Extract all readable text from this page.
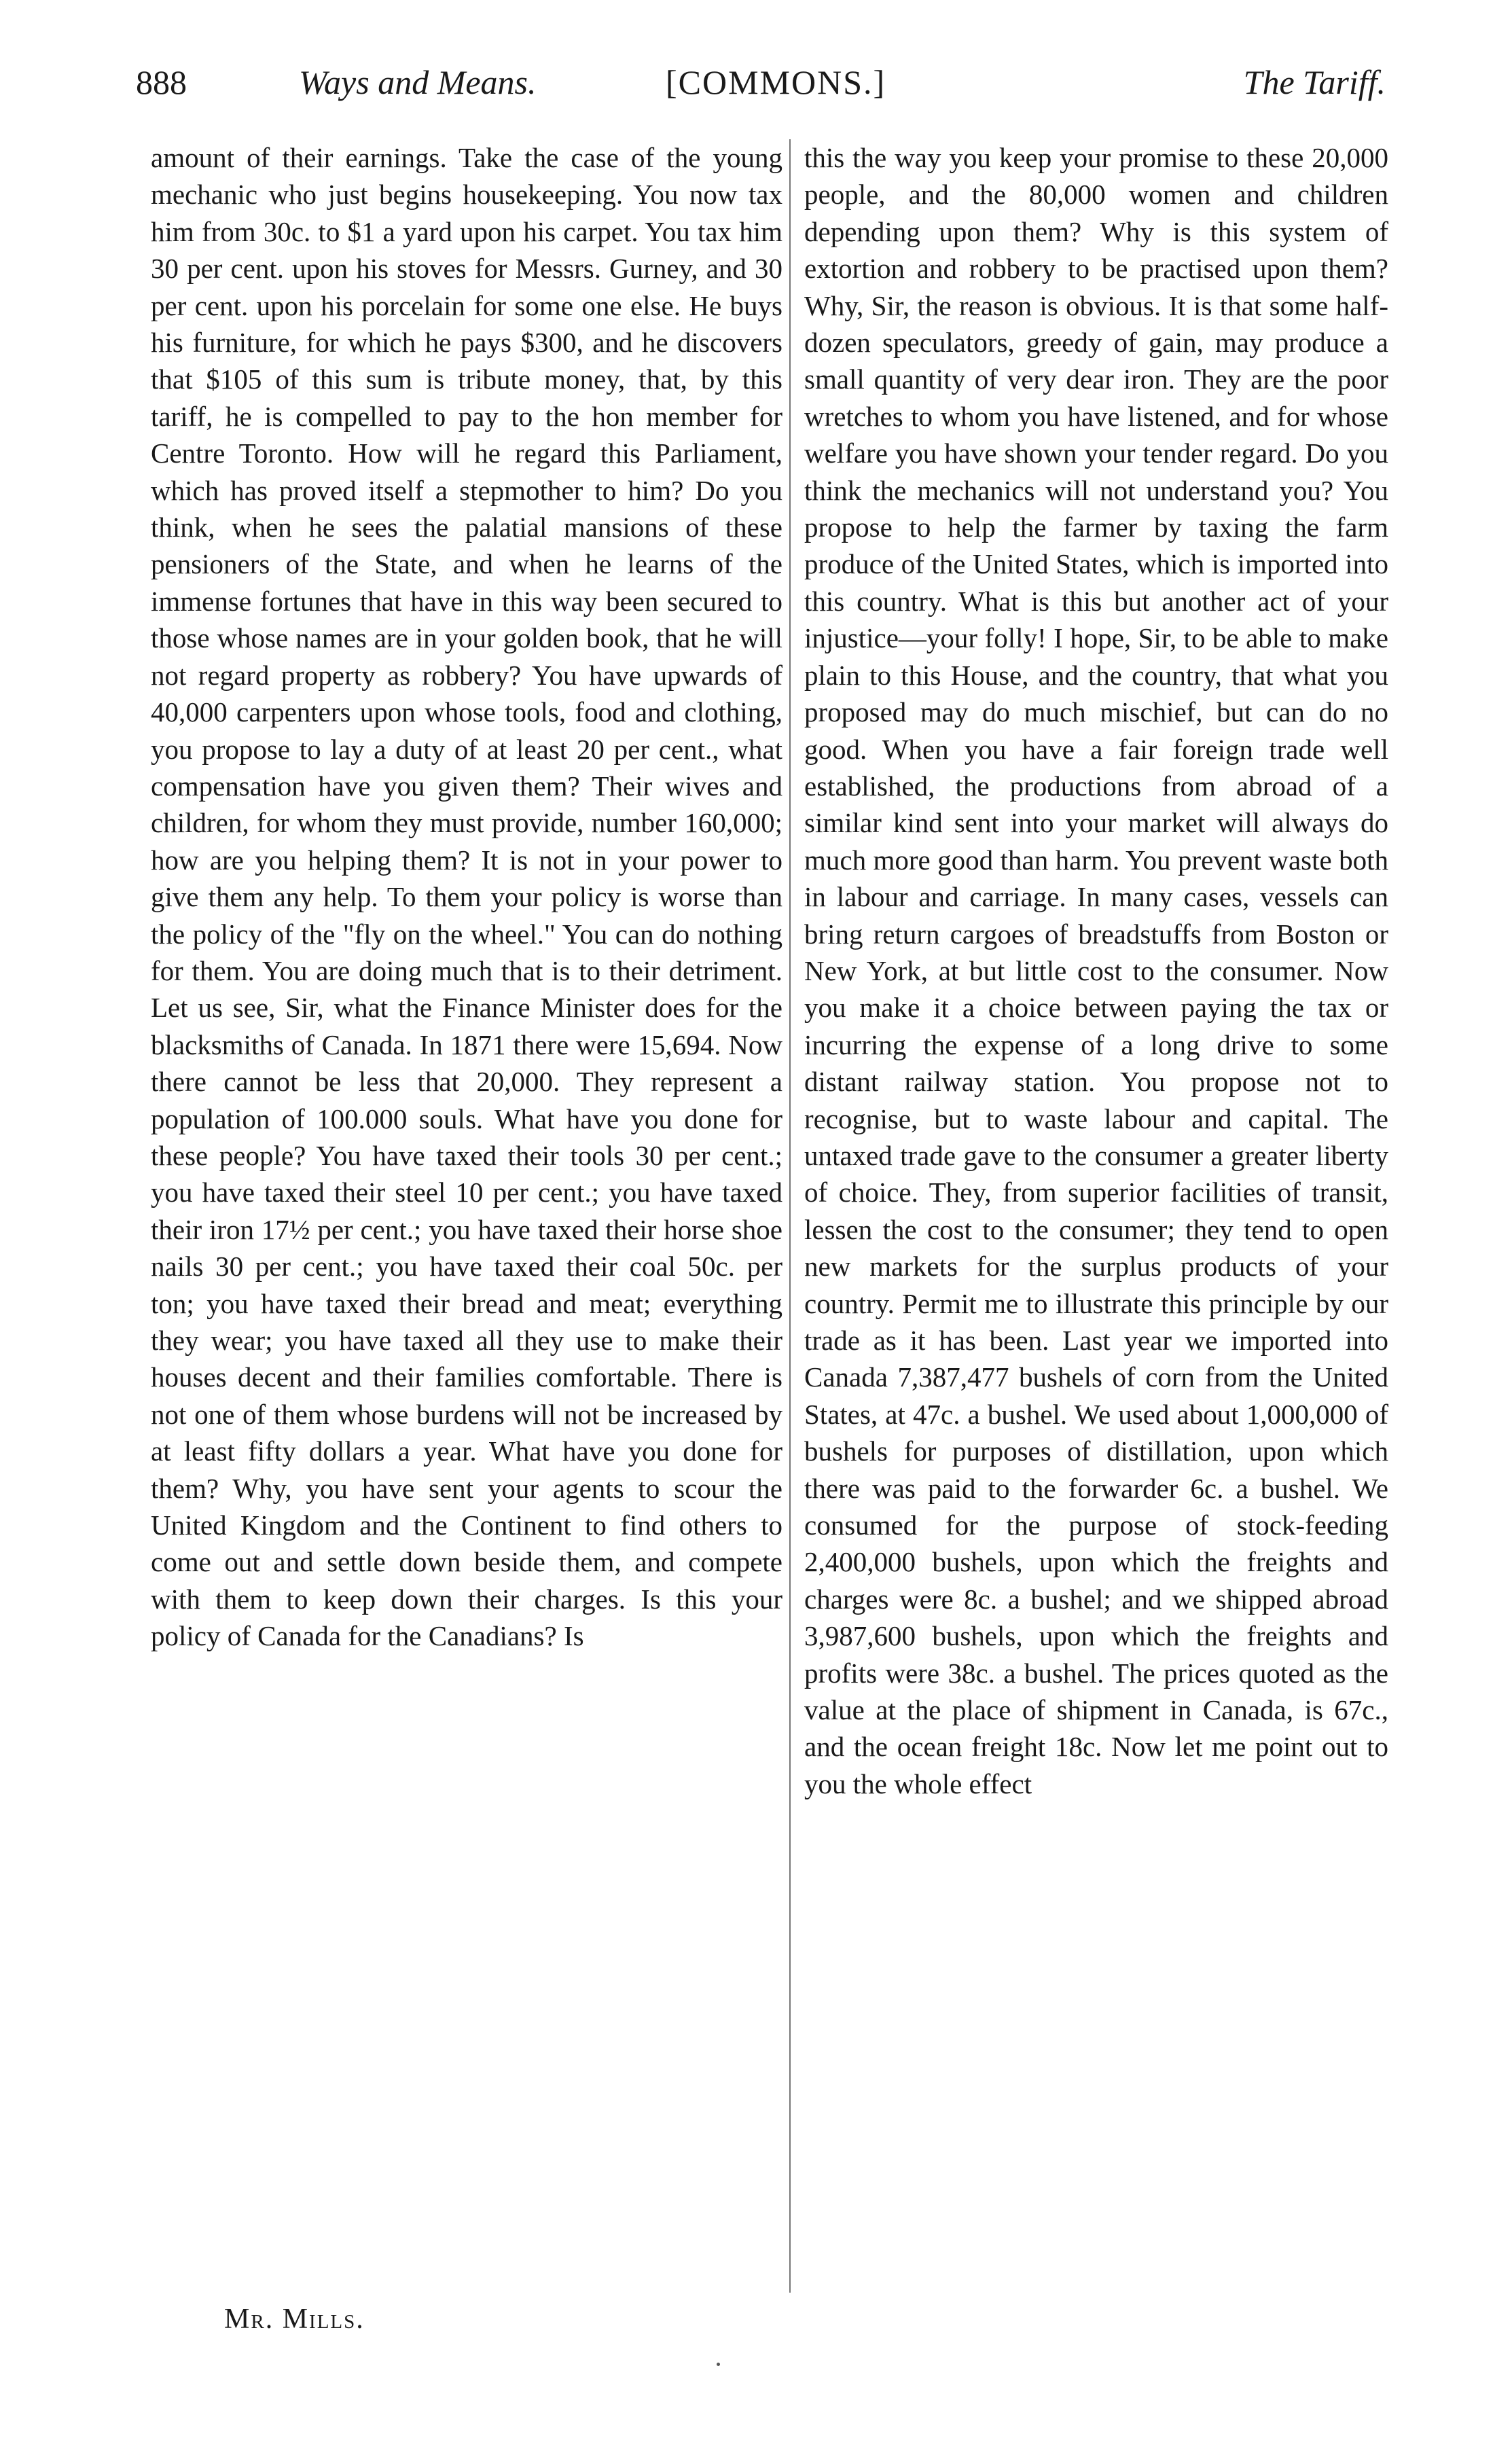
888	Ways and Means.	[COMMONS.]	The Tariff.

amount of their earnings. Take the case of the young mechanic who just begins housekeeping. You now tax him from 30c. to $1 a yard upon his carpet. You tax him 30 per cent. upon his stoves for Messrs. Gurney, and 30 per cent. upon his porcelain for some one else. He buys his furniture, for which he pays $300, and he discovers that $105 of this sum is tribute money, that, by this tariff, he is compelled to pay to the hon member for Centre Toronto. How will he regard this Parliament, which has proved itself a stepmother to him? Do you think, when he sees the palatial mansions of these pensioners of the State, and when he learns of the immense fortunes that have in this way been secured to those whose names are in your golden book, that he will not regard property as robbery? You have upwards of 40,000 carpenters upon whose tools, food and clothing, you propose to lay a duty of at least 20 per cent., what compensation have you given them? Their wives and children, for whom they must provide, number 160,000; how are you helping them? It is not in your power to give them any help. To them your policy is worse than the policy of the "fly on the wheel." You can do nothing for them. You are doing much that is to their detriment. Let us see, Sir, what the Finance Minister does for the blacksmiths of Canada. In 1871 there were 15,694. Now there cannot be less that 20,000. They represent a population of 100.000 souls. What have you done for these people? You have taxed their tools 30 per cent.; you have taxed their steel 10 per cent.; you have taxed their iron 17½ per cent.; you have taxed their horse shoe nails 30 per cent.; you have taxed their coal 50c. per ton; you have taxed their bread and meat; everything they wear; you have taxed all they use to make their houses decent and their families comfortable. There is not one of them whose burdens will not be increased by at least fifty dollars a year. What have you done for them? Why, you have sent your agents to scour the United Kingdom and the Continent to find others to come out and settle down beside them, and compete with them to keep down their charges. Is this your policy of Canada for the Canadians? Is

this the way you keep your promise to these 20,000 people, and the 80,000 women and children depending upon them? Why is this system of extortion and robbery to be practised upon them? Why, Sir, the reason is obvious. It is that some half-dozen speculators, greedy of gain, may produce a small quantity of very dear iron. They are the poor wretches to whom you have listened, and for whose welfare you have shown your tender regard. Do you think the mechanics will not understand you? You propose to help the farmer by taxing the farm produce of the United States, which is imported into this country. What is this but another act of your injustice—your folly! I hope, Sir, to be able to make plain to this House, and the country, that what you proposed may do much mischief, but can do no good. When you have a fair foreign trade well established, the productions from abroad of a similar kind sent into your market will always do much more good than harm. You prevent waste both in labour and carriage. In many cases, vessels can bring return cargoes of breadstuffs from Boston or New York, at but little cost to the consumer. Now you make it a choice between paying the tax or incurring the expense of a long drive to some distant railway station. You propose not to recognise, but to waste labour and capital. The untaxed trade gave to the consumer a greater liberty of choice. They, from superior facilities of transit, lessen the cost to the consumer; they tend to open new markets for the surplus products of your country. Permit me to illustrate this principle by our trade as it has been. Last year we imported into Canada 7,387,477 bushels of corn from the United States, at 47c. a bushel. We used about 1,000,000 of bushels for purposes of distillation, upon which there was paid to the forwarder 6c. a bushel. We consumed for the purpose of stock-feeding 2,400,000 bushels, upon which the freights and charges were 8c. a bushel; and we shipped abroad 3,987,600 bushels, upon which the freights and profits were 38c. a bushel. The prices quoted as the value at the place of shipment in Canada, is 67c., and the ocean freight 18c. Now let me point out to you the whole effect

Mr. Mills.
